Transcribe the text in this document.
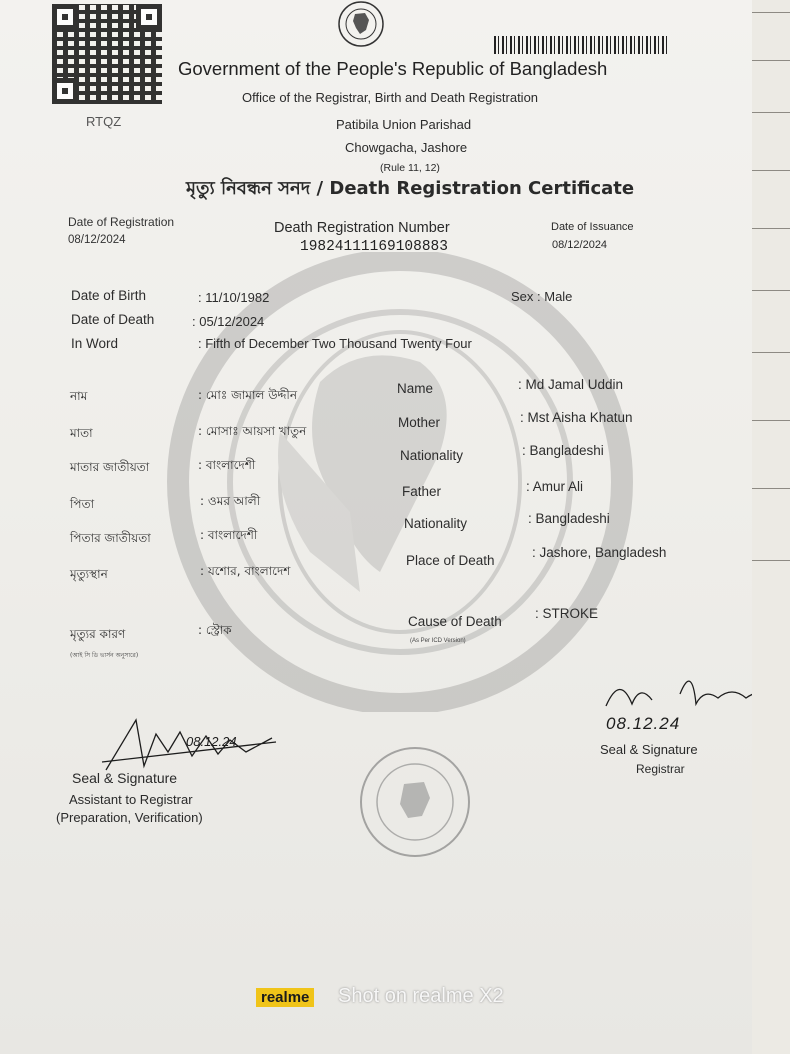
RTQZ
Government of the People's Republic of Bangladesh
Office of the Registrar, Birth and Death Registration
Patibila Union Parishad
Chowgacha, Jashore
(Rule 11, 12)
মৃত্যু নিবন্ধন সনদ / Death Registration Certificate
Date of Registration
08/12/2024
Death Registration Number
19824111169108883
Date of Issuance
08/12/2024
Date of Birth	: 11/10/1982	Sex : Male
Date of Death	: 05/12/2024
In Word	: Fifth of December Two Thousand Twenty Four
নাম	: মোঃ জামাল উদ্দীন
মাতা	: মোসাঃ আয়সা খাতুন
মাতার জাতীয়তা	: বাংলাদেশী
পিতা	: ওমর আলী
পিতার জাতীয়তা	: বাংলাদেশী
মৃত্যুস্থান	: যশোর, বাংলাদেশ
মৃত্যুর কারণ
(আই সি ডি ভার্সন অনুসারে)
: স্ট্রোক
Name	: Md Jamal Uddin
Mother	: Mst Aisha Khatun
Nationality	: Bangladeshi
Father	: Amur Ali
Nationality	: Bangladeshi
Place of Death
: Jashore, Bangladesh
Cause of Death
(As Per ICD Version)
: STROKE
08.12.24
08.12.24
Seal & Signature
Assistant to Registrar
(Preparation, Verification)
Seal & Signature
Registrar
realme Shot on realme X2
